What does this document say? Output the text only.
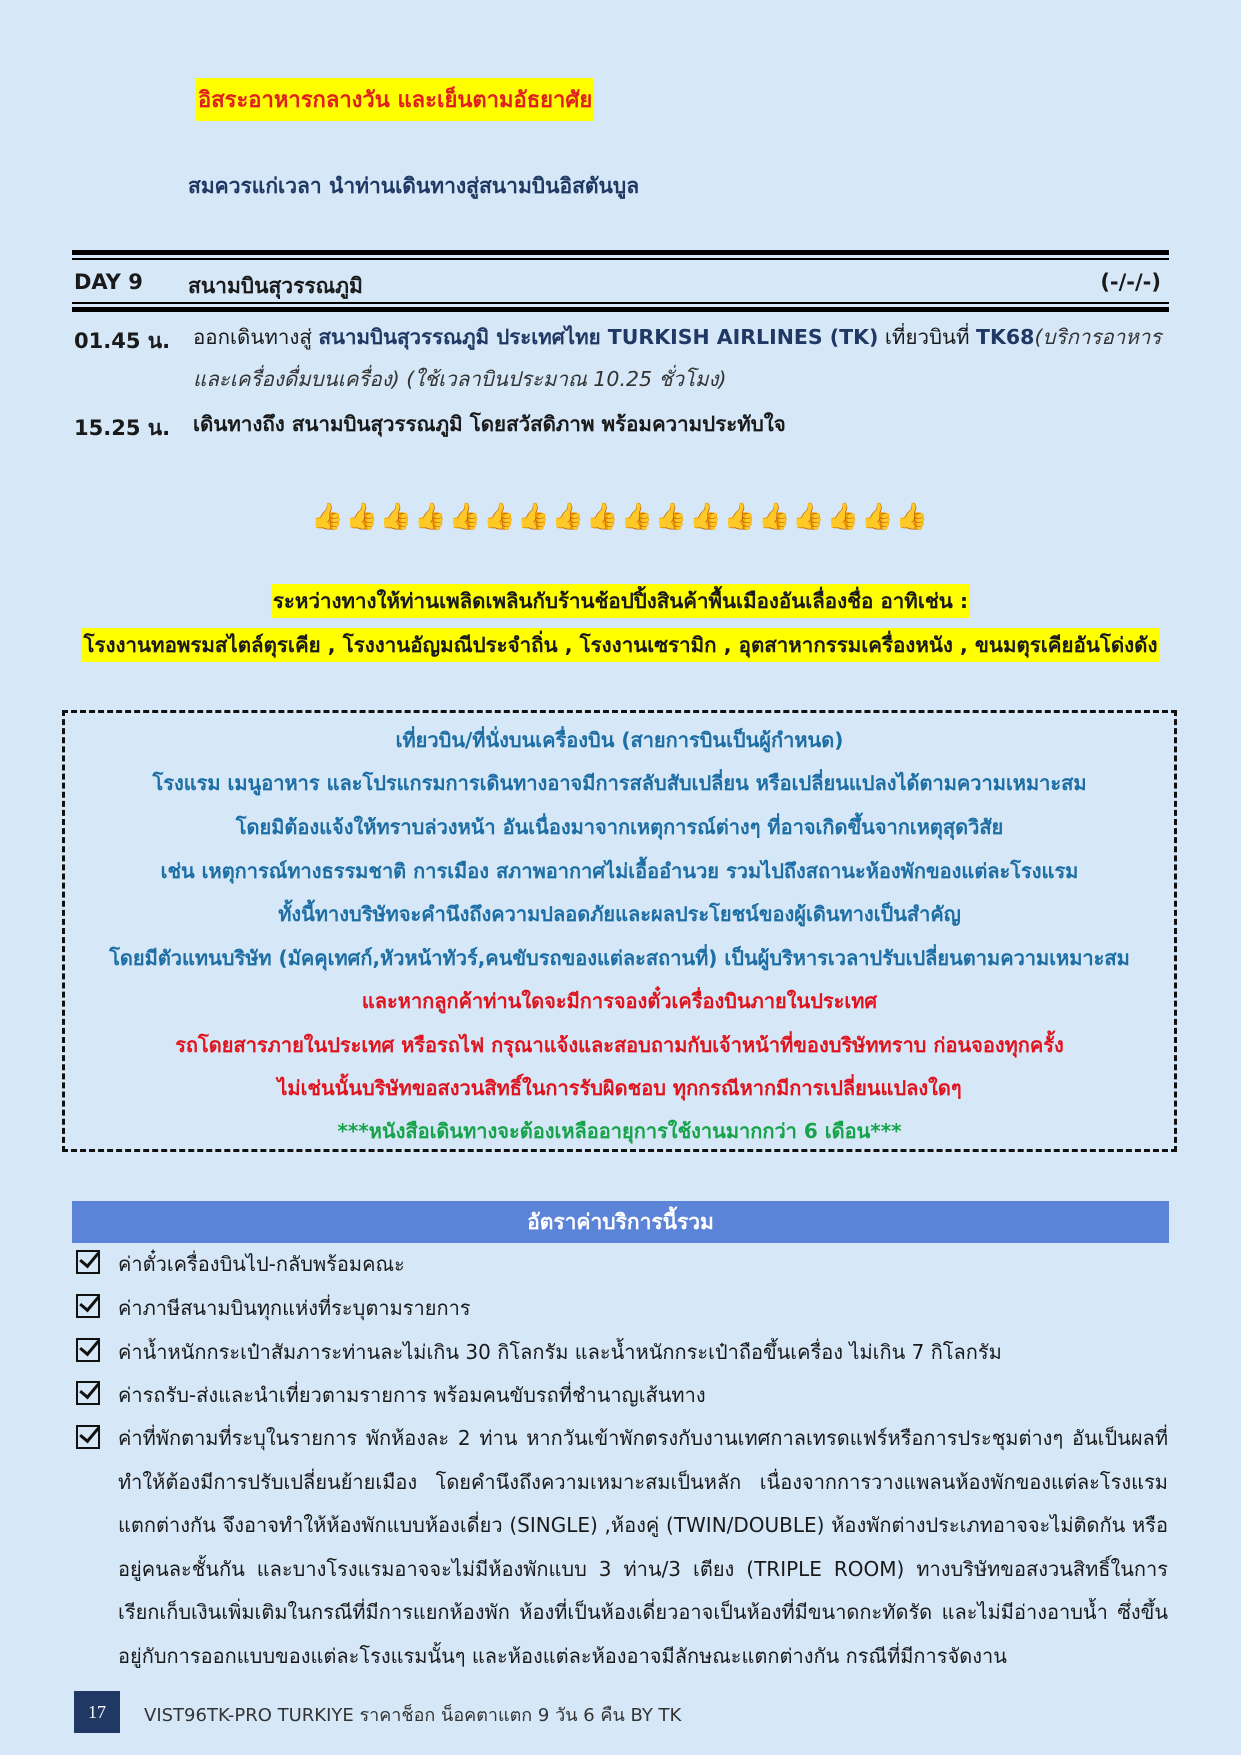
อิสระอาหารกลางวัน และเย็นตามอัธยาศัย
สมควรแก่เวลา นำท่านเดินทางสู่สนามบินอิสตันบูล
DAY 9 สนามบินสุวรรณภูมิ	(-/-/-)
01.45 น. ออกเดินทางสู่ สนามบินสุวรรณภูมิ ประเทศไทย TURKISH AIRLINES (TK) เที่ยวบินที่ TK68(บริการอาหารและเครื่องดื่มบนเครื่อง) (ใช้เวลาบินประมาณ 10.25 ชั่วโมง)
15.25 น. เดินทางถึง สนามบินสุวรรณภูมิ โดยสวัสดิภาพ พร้อมความประทับใจ
👍👍👍👍👍👍👍👍👍👍👍👍👍👍👍👍👍👍
ระหว่างทางให้ท่านเพลิดเพลินกับร้านช้อปปิ้งสินค้าพื้นเมืองอันเลื่องชื่อ อาทิเช่น :
โรงงานทอพรมสไตล์ตุรเคีย , โรงงานอัญมณีประจำถิ่น , โรงงานเซรามิก , อุตสาหากรรมเครื่องหนัง , ขนมตุรเคียอันโด่งดัง
เที่ยวบิน/ที่นั่งบนเครื่องบิน (สายการบินเป็นผู้กำหนด)
โรงแรม เมนูอาหาร และโปรแกรมการเดินทางอาจมีการสลับสับเปลี่ยน หรือเปลี่ยนแปลงได้ตามความเหมาะสม
โดยมิต้องแจ้งให้ทราบล่วงหน้า อันเนื่องมาจากเหตุการณ์ต่างๆ ที่อาจเกิดขึ้นจากเหตุสุดวิสัย
เช่น เหตุการณ์ทางธรรมชาติ การเมือง สภาพอากาศไม่เอื้ออำนวย รวมไปถึงสถานะห้องพักของแต่ละโรงแรม
ทั้งนี้ทางบริษัทจะคำนึงถึงความปลอดภัยและผลประโยชน์ของผู้เดินทางเป็นสำคัญ
โดยมีตัวแทนบริษัท (มัคคุเทศก์,หัวหน้าทัวร์,คนขับรถของแต่ละสถานที่) เป็นผู้บริหารเวลาปรับเปลี่ยนตามความเหมาะสม
และหากลูกค้าท่านใดจะมีการจองตั๋วเครื่องบินภายในประเทศ
รถโดยสารภายในประเทศ หรือรถไฟ กรุณาแจ้งและสอบถามกับเจ้าหน้าที่ของบริษัททราบ ก่อนจองทุกครั้ง
ไม่เช่นนั้นบริษัทขอสงวนสิทธิ์ในการรับผิดชอบ ทุกกรณีหากมีการเปลี่ยนแปลงใดๆ
***หนังสือเดินทางจะต้องเหลืออายุการใช้งานมากกว่า 6 เดือน***
อัตราค่าบริการนี้รวม
ค่าตั๋วเครื่องบินไป-กลับพร้อมคณะ
ค่าภาษีสนามบินทุกแห่งที่ระบุตามรายการ
ค่าน้ำหนักกระเป๋าสัมภาระท่านละไม่เกิน 30 กิโลกรัม และน้ำหนักกระเป๋าถือขึ้นเครื่อง ไม่เกิน 7 กิโลกรัม
ค่ารถรับ-ส่งและนำเที่ยวตามรายการ พร้อมคนขับรถที่ชำนาญเส้นทาง
ค่าที่พักตามที่ระบุในรายการ พักห้องละ 2 ท่าน หากวันเข้าพักตรงกับงานเทศกาลเทรดแฟร์หรือการประชุมต่างๆ อันเป็นผลที่ทำให้ต้องมีการปรับเปลี่ยนย้ายเมือง โดยคำนึงถึงความเหมาะสมเป็นหลัก เนื่องจากการวางแพลนห้องพักของแต่ละโรงแรมแตกต่างกัน จึงอาจทำให้ห้องพักแบบห้องเดี่ยว (SINGLE) ,ห้องคู่ (TWIN/DOUBLE) ห้องพักต่างประเภทอาจจะไม่ติดกัน หรือ อยู่คนละชั้นกัน และบางโรงแรมอาจจะไม่มีห้องพักแบบ 3 ท่าน/3 เตียง (TRIPLE ROOM) ทางบริษัทขอสงวนสิทธิ์ในการเรียกเก็บเงินเพิ่มเติมในกรณีที่มีการแยกห้องพัก ห้องที่เป็นห้องเดี่ยวอาจเป็นห้องที่มีขนาดกะทัดรัด และไม่มีอ่างอาบน้ำ ซึ่งขึ้นอยู่กับการออกแบบของแต่ละโรงแรมนั้นๆ และห้องแต่ละห้องอาจมีลักษณะแตกต่างกัน กรณีที่มีการจัดงาน
17	VIST96TK-PRO TURKIYE ราคาช็อก น็อคตาแตก 9 วัน 6 คืน BY TK
